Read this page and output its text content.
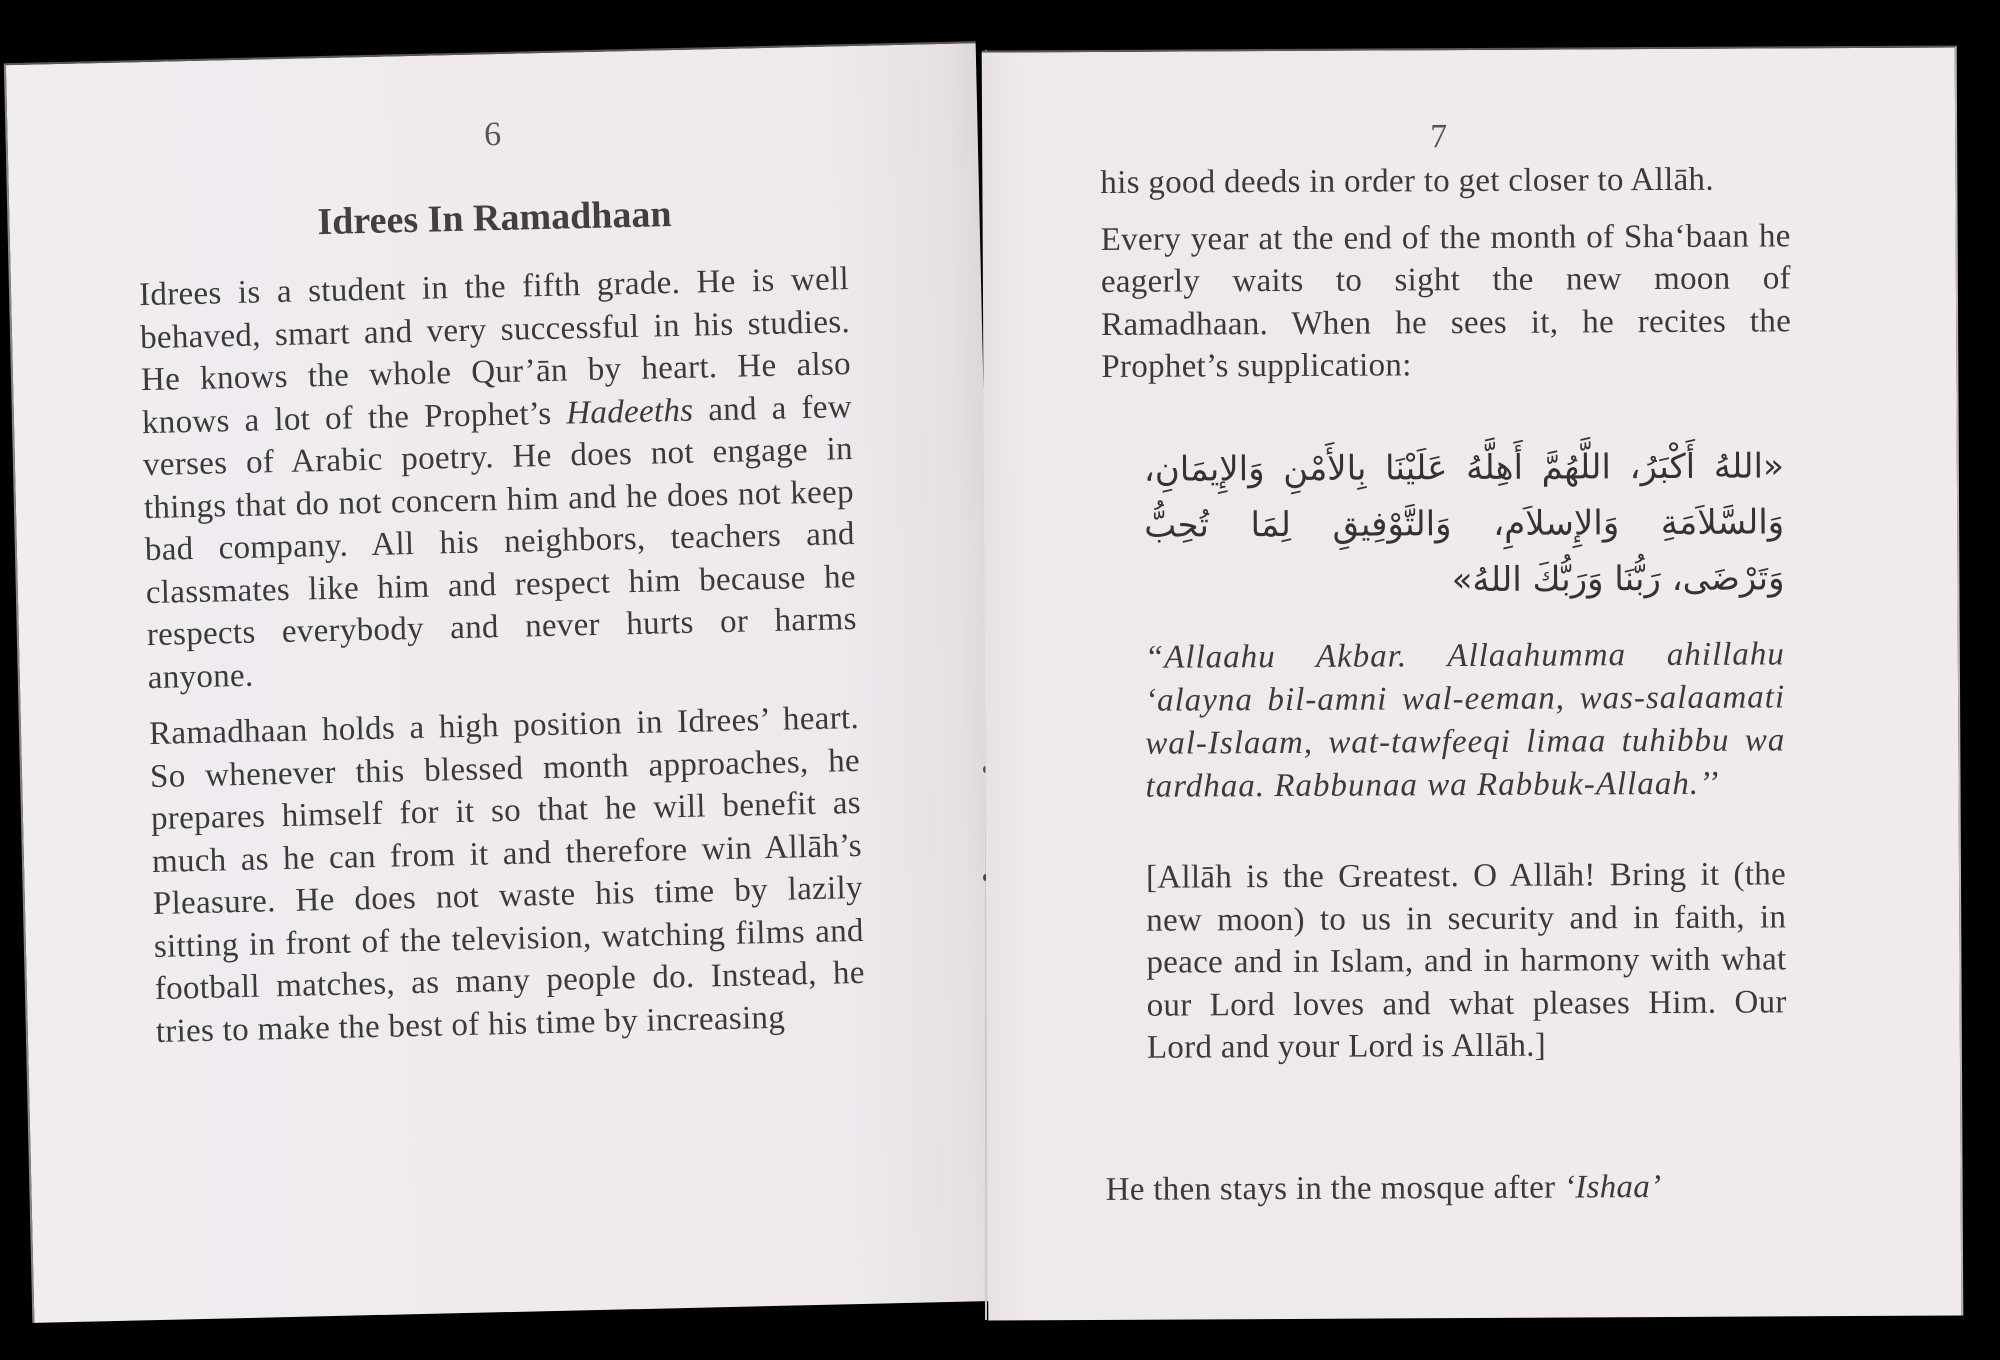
6
Idrees In Ramadhaan

Idrees is a student in the fifth grade. He is well behaved, smart and very successful in his studies. He knows the whole Qur’ān by heart. He also knows a lot of the Prophet’s Hadeeths and a few verses of Arabic poetry. He does not engage in things that do not concern him and he does not keep bad company. All his neighbors, teachers and classmates like him and respect him because he respects everybody and never hurts or harms anyone.

Ramadhaan holds a high position in Idrees’ heart. So whenever this blessed month approaches, he prepares himself for it so that he will benefit as much as he can from it and therefore win Allāh’s Pleasure. He does not waste his time by lazily sitting in front of the television, watching films and football matches, as many people do. Instead, he tries to make the best of his time by increasing

7

his good deeds in order to get closer to Allāh.

Every year at the end of the month of Sha‘baan he eagerly waits to sight the new moon of Ramadhaan. When he sees it, he recites the Prophet’s supplication:

«اللهُ أَكْبَرُ، اللَّهُمَّ أَهِلَّهُ عَلَيْنَا بِالأَمْنِ وَالإِيمَانِ، وَالسَّلاَمَةِ وَالإِسلاَمِ، وَالتَّوْفِيقِ لِمَا تُحِبُّ وَتَرْضَى، رَبُّنَا وَرَبُّكَ اللهُ»
“Allaahu Akbar. Allaahumma ahillahu ‘alayna bil-amni wal-eeman, was-salaamati wal-Islaam, wat-tawfeeqi limaa tuhibbu wa tardhaa. Rabbunaa wa Rabbuk-Allaah.’’

[Allāh is the Greatest. O Allāh! Bring it (the new moon) to us in security and in faith, in peace and in Islam, and in harmony with what our Lord loves and what pleases Him. Our Lord and your Lord is Allāh.]

He then stays in the mosque after ‘Ishaa’
